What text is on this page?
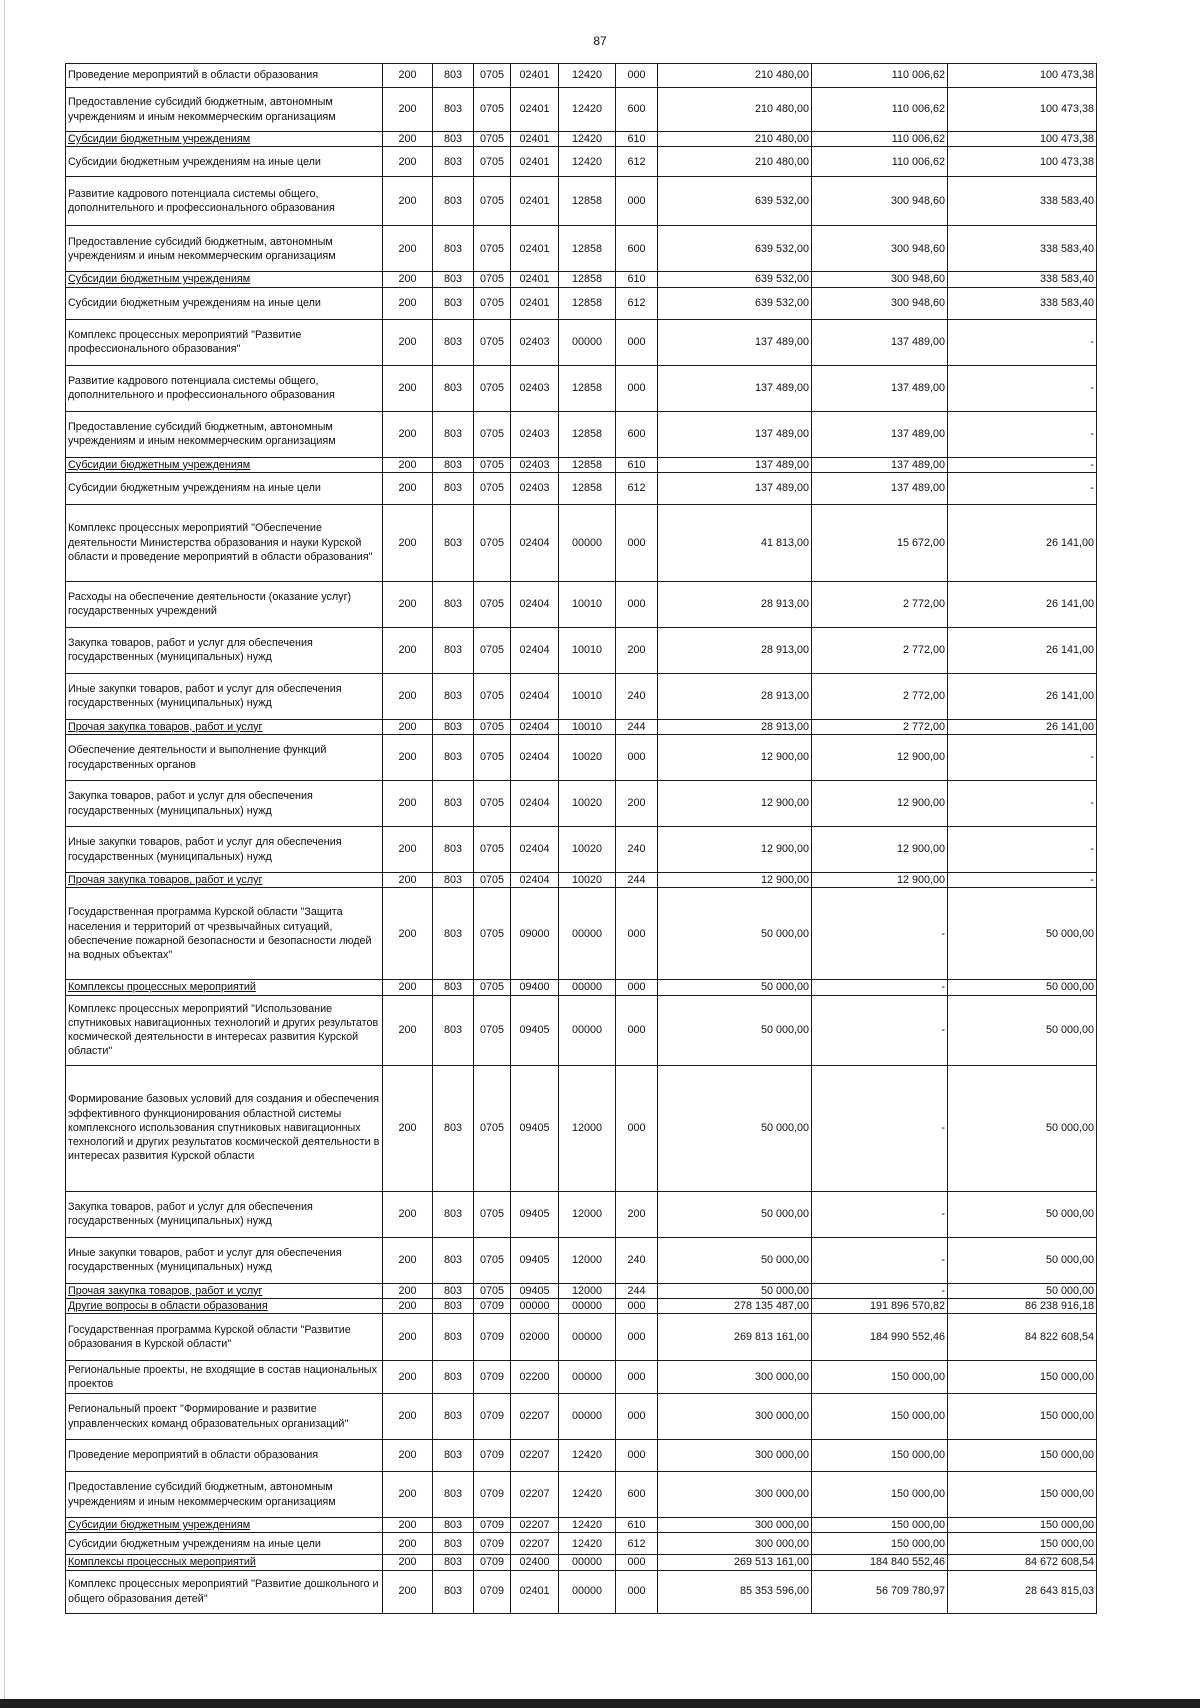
87
Проведение мероприятий в области образования	200	803	0705	02401	12420	000	210 480,00	110 006,62	100 473,38
Предоставление субсидий бюджетным, автономным учреждениям и иным некоммерческим организациям	200	803	0705	02401	12420	600	210 480,00	110 006,62	100 473,38
Субсидии бюджетным учреждениям	200	803	0705	02401	12420	610	210 480,00	110 006,62	100 473,38
Субсидии бюджетным учреждениям на иные цели	200	803	0705	02401	12420	612	210 480,00	110 006,62	100 473,38
Развитие кадрового потенциала системы общего, дополнительного и профессионального образования	200	803	0705	02401	12858	000	639 532,00	300 948,60	338 583,40
Предоставление субсидий бюджетным, автономным учреждениям и иным некоммерческим организациям	200	803	0705	02401	12858	600	639 532,00	300 948,60	338 583,40
Субсидии бюджетным учреждениям	200	803	0705	02401	12858	610	639 532,00	300 948,60	338 583,40
Субсидии бюджетным учреждениям на иные цели	200	803	0705	02401	12858	612	639 532,00	300 948,60	338 583,40
Комплекс процессных мероприятий "Развитие профессионального образования"	200	803	0705	02403	00000	000	137 489,00	137 489,00	-
Развитие кадрового потенциала системы общего, дополнительного и профессионального образования	200	803	0705	02403	12858	000	137 489,00	137 489,00	-
Предоставление субсидий бюджетным, автономным учреждениям и иным некоммерческим организациям	200	803	0705	02403	12858	600	137 489,00	137 489,00	-
Субсидии бюджетным учреждениям	200	803	0705	02403	12858	610	137 489,00	137 489,00	-
Субсидии бюджетным учреждениям на иные цели	200	803	0705	02403	12858	612	137 489,00	137 489,00	-
Комплекс процессных мероприятий "Обеспечение деятельности Министерства образования и науки Курской области и проведение мероприятий в области образования"	200	803	0705	02404	00000	000	41 813,00	15 672,00	26 141,00
Расходы на обеспечение деятельности (оказание услуг) государственных учреждений	200	803	0705	02404	10010	000	28 913,00	2 772,00	26 141,00
Закупка товаров, работ и услуг для обеспечения государственных (муниципальных) нужд	200	803	0705	02404	10010	200	28 913,00	2 772,00	26 141,00
Иные закупки товаров, работ и услуг для обеспечения государственных (муниципальных) нужд	200	803	0705	02404	10010	240	28 913,00	2 772,00	26 141,00
Прочая закупка товаров, работ и услуг	200	803	0705	02404	10010	244	28 913,00	2 772,00	26 141,00
Обеспечение деятельности и выполнение функций государственных органов	200	803	0705	02404	10020	000	12 900,00	12 900,00	-
Закупка товаров, работ и услуг для обеспечения государственных (муниципальных) нужд	200	803	0705	02404	10020	200	12 900,00	12 900,00	-
Иные закупки товаров, работ и услуг для обеспечения государственных (муниципальных) нужд	200	803	0705	02404	10020	240	12 900,00	12 900,00	-
Прочая закупка товаров, работ и услуг	200	803	0705	02404	10020	244	12 900,00	12 900,00	-
Государственная программа Курской области "Защита населения и территорий от чрезвычайных ситуаций, обеспечение пожарной безопасности и безопасности людей на водных объектах"	200	803	0705	09000	00000	000	50 000,00	-	50 000,00
Комплексы процессных мероприятий	200	803	0705	09400	00000	000	50 000,00	-	50 000,00
Комплекс процессных мероприятий "Использование спутниковых навигационных технологий и других результатов космической деятельности в интересах развития Курской области"	200	803	0705	09405	00000	000	50 000,00	-	50 000,00
Формирование базовых условий для создания и обеспечения эффективного функционирования областной системы комплексного использования спутниковых навигационных технологий и других результатов космической деятельности в интересах развития Курской области	200	803	0705	09405	12000	000	50 000,00	-	50 000,00
Закупка товаров, работ и услуг для обеспечения государственных (муниципальных) нужд	200	803	0705	09405	12000	200	50 000,00	-	50 000,00
Иные закупки товаров, работ и услуг для обеспечения государственных (муниципальных) нужд	200	803	0705	09405	12000	240	50 000,00	-	50 000,00
Прочая закупка товаров, работ и услуг	200	803	0705	09405	12000	244	50 000,00	-	50 000,00
Другие вопросы в области образования	200	803	0709	00000	00000	000	278 135 487,00	191 896 570,82	86 238 916,18
Государственная программа Курской области "Развитие образования в Курской области"	200	803	0709	02000	00000	000	269 813 161,00	184 990 552,46	84 822 608,54
Региональные проекты, не входящие в состав национальных проектов	200	803	0709	02200	00000	000	300 000,00	150 000,00	150 000,00
Региональный проект "Формирование и развитие управленческих команд образовательных организаций"	200	803	0709	02207	00000	000	300 000,00	150 000,00	150 000,00
Проведение мероприятий в области образования	200	803	0709	02207	12420	000	300 000,00	150 000,00	150 000,00
Предоставление субсидий бюджетным, автономным учреждениям и иным некоммерческим организациям	200	803	0709	02207	12420	600	300 000,00	150 000,00	150 000,00
Субсидии бюджетным учреждениям	200	803	0709	02207	12420	610	300 000,00	150 000,00	150 000,00
Субсидии бюджетным учреждениям на иные цели	200	803	0709	02207	12420	612	300 000,00	150 000,00	150 000,00
Комплексы процессных мероприятий	200	803	0709	02400	00000	000	269 513 161,00	184 840 552,46	84 672 608,54
Комплекс процессных мероприятий "Развитие дошкольного и общего образования детей"	200	803	0709	02401	00000	000	85 353 596,00	56 709 780,97	28 643 815,03
